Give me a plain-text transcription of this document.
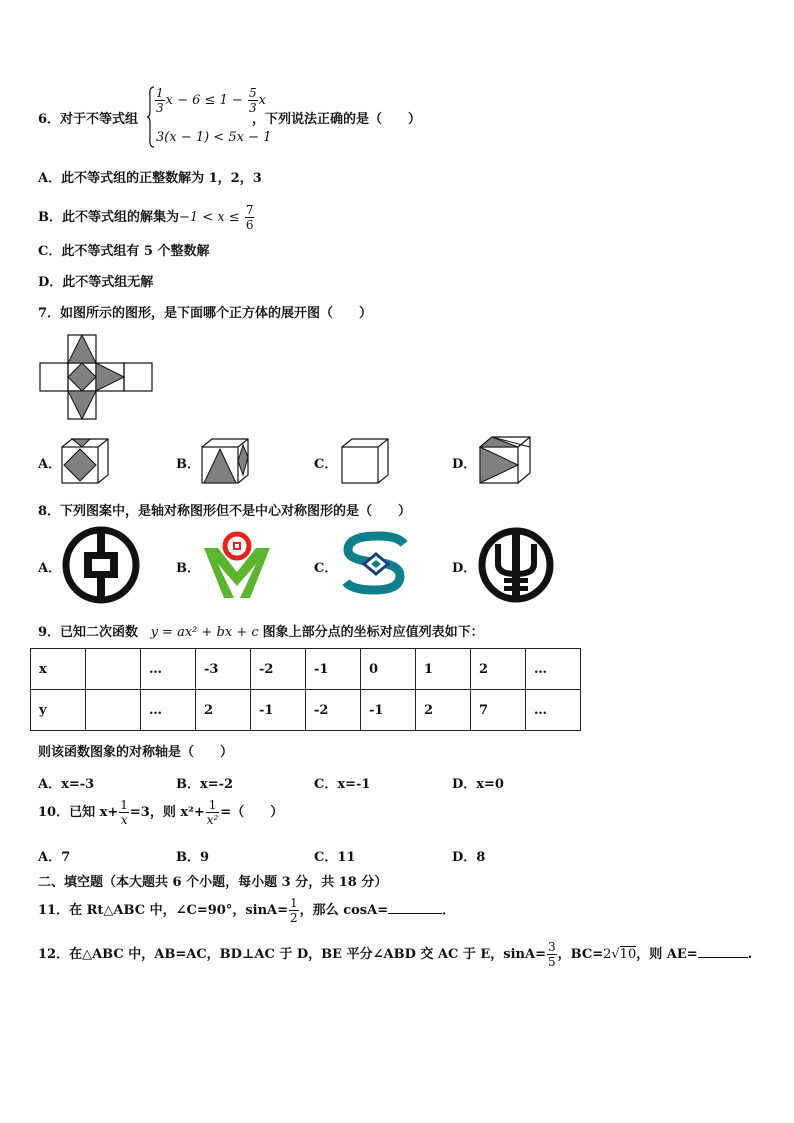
6．对于不等式组
$\frac{1}{3}$ $x - 6 \le 1 - \frac{5}{3}$ x
3(x − 1) < 5x − 1
，下列说法正确的是（　　）
A．此不等式组的正整数解为 1，2，3
B．此不等式组的解集为$-1 < x \le \frac{7}{6}$
C．此不等式组有 5 个整数解
D．此不等式组无解
7．如图所示的图形，是下面哪个正方体的展开图（　　）
A．	B．	C．	D．
8．下列图案中，是轴对称图形但不是中心对称图形的是（　　）
A．	B．	C．	D．
9．已知二次函数 y = ax² + bx + c 图象上部分点的坐标对应值列表如下：
x		…	-3	-2	-1	0	1	2	…
y		…	2	-1	-2	-1	2	7	…
则该函数图象的对称轴是（　　）
A．x=-3	B．x=-2	C．x=-1	D．x=0
10．已知 $x+ \frac{1}{x} =3$，则 $x^2+ \frac{1}{\text{x²}}$ =（　　）
A．7	B．9	C．11	D．8
二、填空题（本大题共 6 个小题，每小题 3 分，共 18 分）
11．在 Rt△ABC 中，∠C=90°，$\sin A= \frac{1}{2}$ ，那么 cosA=	．
12．在△ABC 中，AB=AC，BD⊥AC 于 D，BE 平分∠ABD 交 AC 于 E，$\sin A= \frac{3}{5}$ ，BC=2√10，则 AE=	.
